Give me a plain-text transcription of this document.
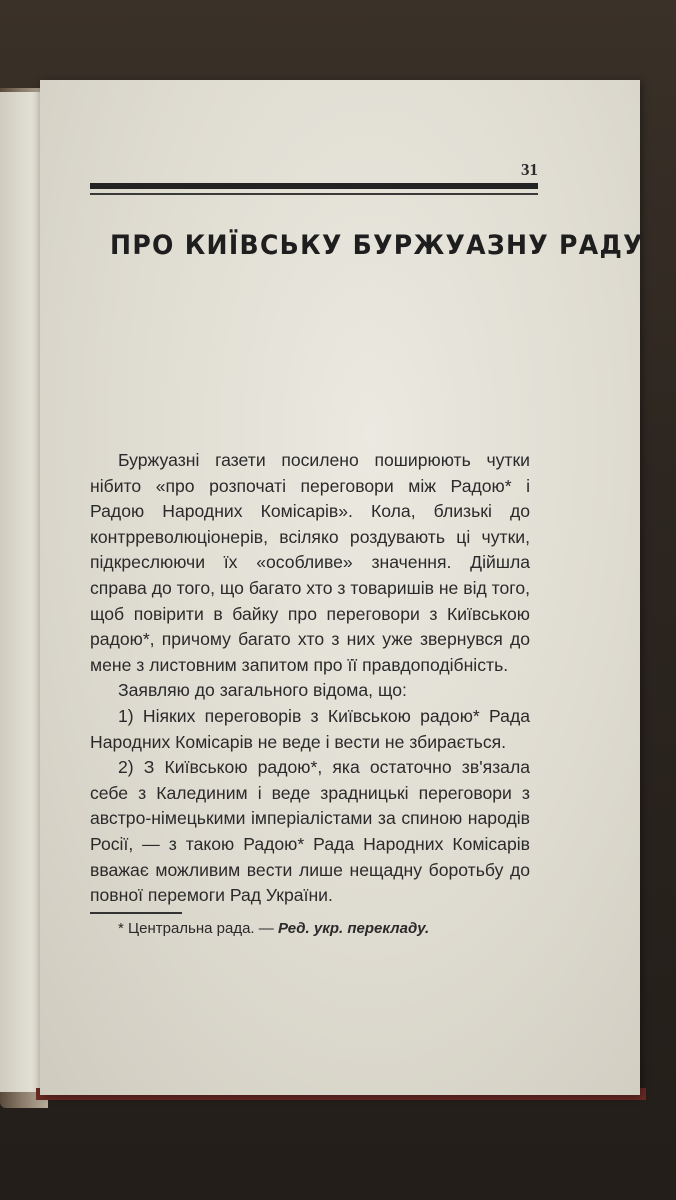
31
ПРО КИЇВСЬКУ БУРЖУАЗНУ РАДУ

Буржуазні газети посилено поширюють чутки нібито «про розпочаті переговори між Радою* і Радою Народних Комісарів». Кола, близькі до контрреволюціонерів, всіляко роздувають ці чутки, підкреслюючи їх «особливе» значення. Дійшла справа до того, що багато хто з товаришів не від того, щоб повірити в байку про переговори з Київською радою*, причому багато хто з них уже звернувся до мене з листовним запитом про її правдоподібність.

Заявляю до загального відома, що:

1) Ніяких переговорів з Київською радою* Рада Народних Комісарів не веде і вести не збирається.

2) З Київською радою*, яка остаточно зв'язала себе з Калединим і веде зрадницькі переговори з австро-німецькими імперіалістами за спиною народів Росії, — з такою Радою* Рада Народних Комісарів вважає можливим вести лише нещадну боротьбу до повної перемоги Рад України.

* Центральна рада. — Ред. укр. перекладу.
